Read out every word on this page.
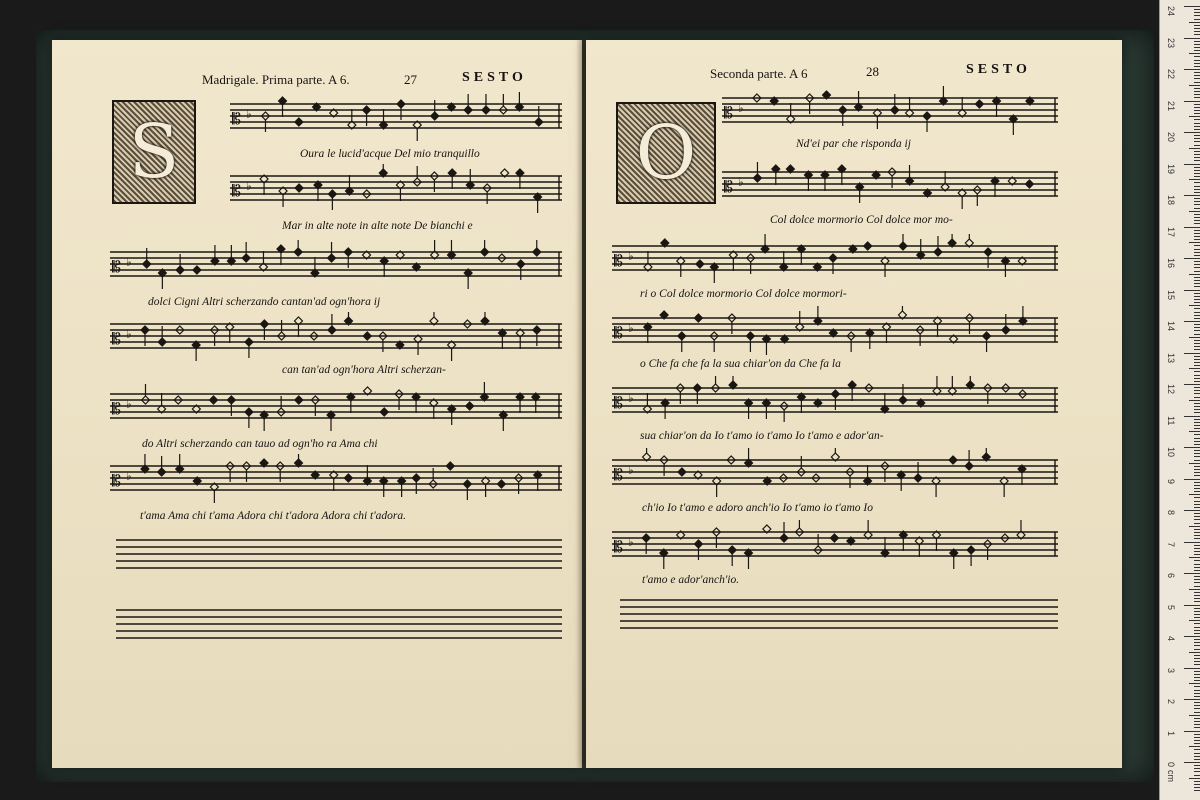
Madrigale. Prima parte. A 6.	27	SESTO
S	𝄡 ♭
Oura le lucid'acque Del mio tranquillo
𝄡 ♭
Mar in alte note in alte note De bianchi e
𝄡 ♭
dolci Cigni Altri scherzando cantan'ad ogn'hora ij
𝄡 ♭
can tan'ad ogn'hora Altri scherzan-
𝄡 ♭
do Altri scherzando can tauo ad ogn'ho ra Ama chi
𝄡 ♭
t'ama Ama chi t'ama Adora chi t'adora Adora chi t'adora.
Seconda parte. A 6	28	SESTO
O	𝄡 ♭
Nd'ei par che risponda ij
𝄡 ♭
Col dolce mormorio Col dolce mor mo-
𝄡 ♭
ri o Col dolce mormorio Col dolce mormori-
𝄡 ♭
o Che fa che fa la sua chiar'on da Che fa la
𝄡 ♭
sua chiar'on da Io t'amo io t'amo Io t'amo e ador'an-
𝄡 ♭
ch'io Io t'amo e adoro anch'io Io t'amo io t'amo Io
𝄡 ♭
t'amo e ador'anch'io.
24
23
22
21
20
19
18
17
16
15
14
13
12
11
10
9
8
7
6
5
4
3
2
1
0
cm
